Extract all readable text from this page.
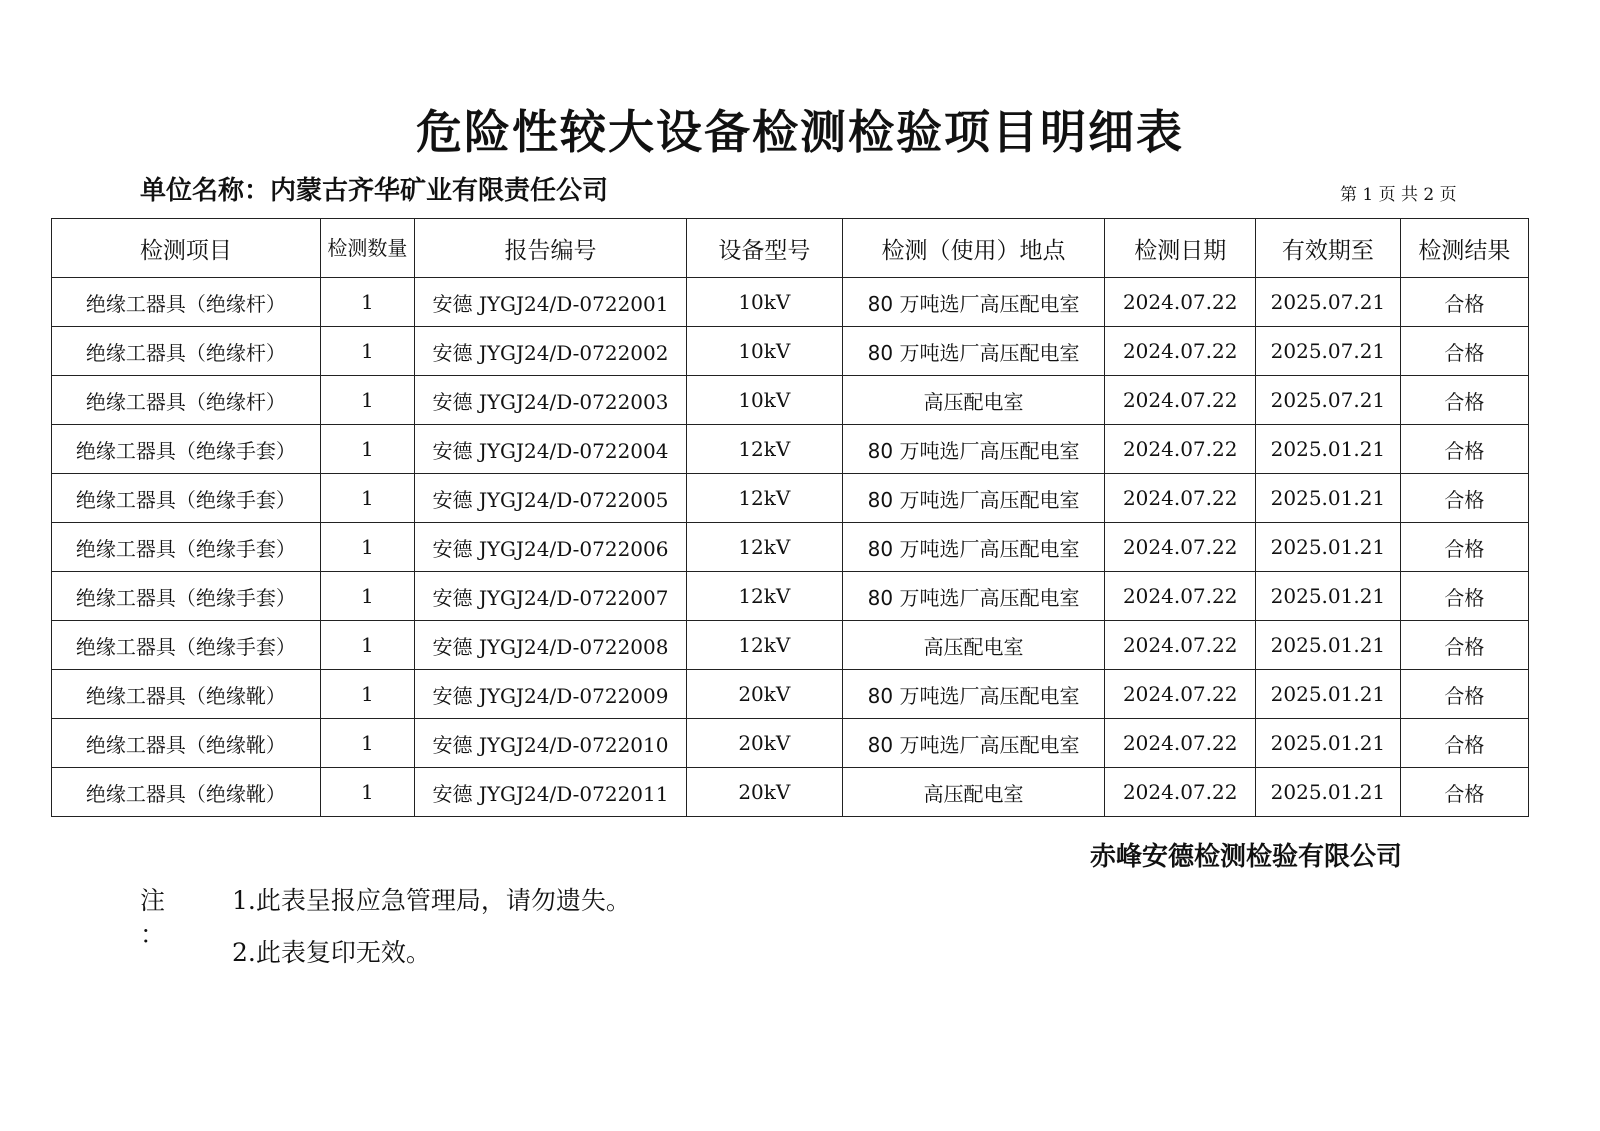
危险性较大设备检测检验项目明细表
单位名称：内蒙古齐华矿业有限责任公司	第 1 页 共 2 页
检测项目	检测数量	报告编号	设备型号	检测（使用）地点	检测日期	有效期至	检测结果
绝缘工器具（绝缘杆）	1	安德 JYGJ24/D-0722001	10kV	80 万吨选厂高压配电室	2024.07.22	2025.07.21	合格
绝缘工器具（绝缘杆）	1	安德 JYGJ24/D-0722002	10kV	80 万吨选厂高压配电室	2024.07.22	2025.07.21	合格
绝缘工器具（绝缘杆）	1	安德 JYGJ24/D-0722003	10kV	高压配电室	2024.07.22	2025.07.21	合格
绝缘工器具（绝缘手套）	1	安德 JYGJ24/D-0722004	12kV	80 万吨选厂高压配电室	2024.07.22	2025.01.21	合格
绝缘工器具（绝缘手套）	1	安德 JYGJ24/D-0722005	12kV	80 万吨选厂高压配电室	2024.07.22	2025.01.21	合格
绝缘工器具（绝缘手套）	1	安德 JYGJ24/D-0722006	12kV	80 万吨选厂高压配电室	2024.07.22	2025.01.21	合格
绝缘工器具（绝缘手套）	1	安德 JYGJ24/D-0722007	12kV	80 万吨选厂高压配电室	2024.07.22	2025.01.21	合格
绝缘工器具（绝缘手套）	1	安德 JYGJ24/D-0722008	12kV	高压配电室	2024.07.22	2025.01.21	合格
绝缘工器具（绝缘靴）	1	安德 JYGJ24/D-0722009	20kV	80 万吨选厂高压配电室	2024.07.22	2025.01.21	合格
绝缘工器具（绝缘靴）	1	安德 JYGJ24/D-0722010	20kV	80 万吨选厂高压配电室	2024.07.22	2025.01.21	合格
绝缘工器具（绝缘靴）	1	安德 JYGJ24/D-0722011	20kV	高压配电室	2024.07.22	2025.01.21	合格
赤峰安德检测检验有限公司
注 ：
1.此表呈报应急管理局，请勿遗失。
2.此表复印无效。
